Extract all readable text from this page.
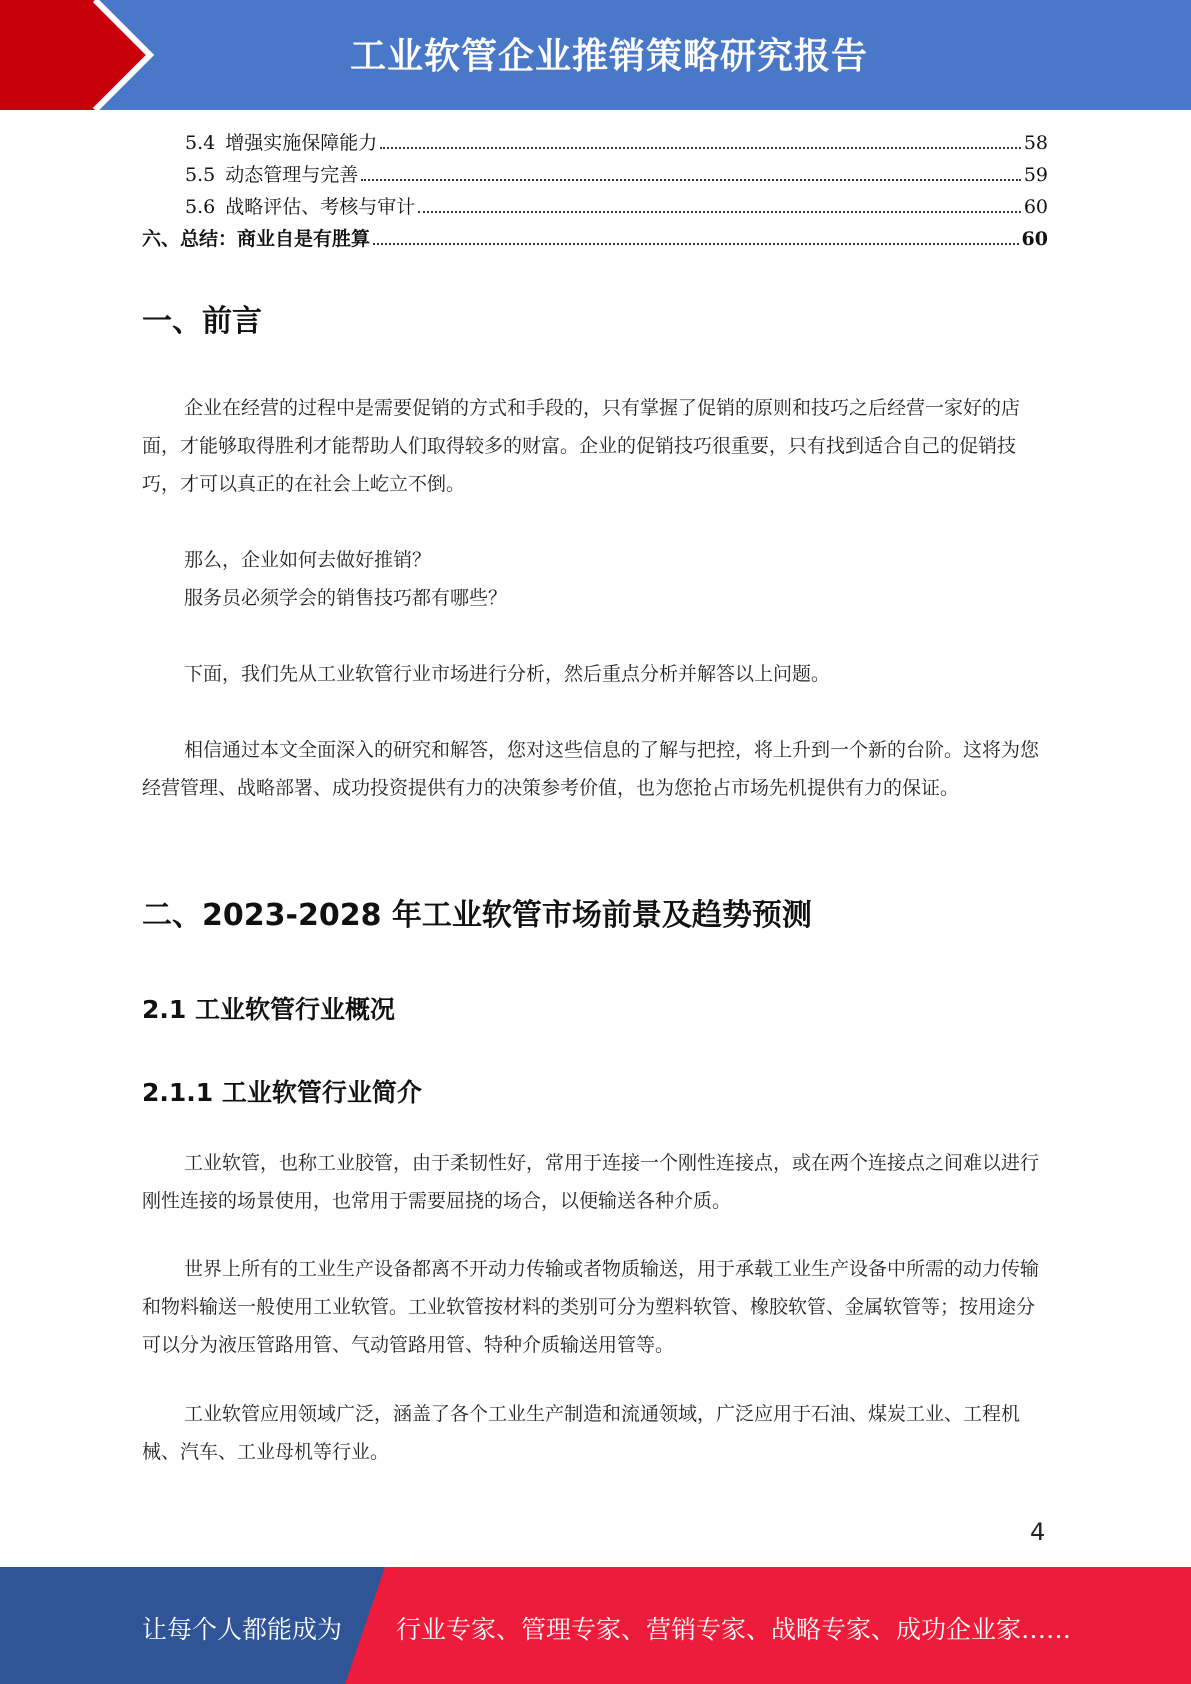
工业软管企业推销策略研究报告
5.4 增强实施保障能力	58
5.5 动态管理与完善	59
5.6 战略评估、考核与审计	60
六、总结：商业自是有胜算	60
一、前言

企业在经营的过程中是需要促销的方式和手段的，只有掌握了促销的原则和技巧之后经营一家好的店面，才能够取得胜利才能帮助人们取得较多的财富。企业的促销技巧很重要，只有找到适合自己的促销技巧，才可以真正的在社会上屹立不倒。

那么，企业如何去做好推销？

服务员必须学会的销售技巧都有哪些？

下面，我们先从工业软管行业市场进行分析，然后重点分析并解答以上问题。

相信通过本文全面深入的研究和解答，您对这些信息的了解与把控，将上升到一个新的台阶。这将为您经营管理、战略部署、成功投资提供有力的决策参考价值，也为您抢占市场先机提供有力的保证。

二、2023-2028 年工业软管市场前景及趋势预测
2.1 工业软管行业概况
2.1.1 工业软管行业简介

工业软管，也称工业胶管，由于柔韧性好，常用于连接一个刚性连接点，或在两个连接点之间难以进行刚性连接的场景使用，也常用于需要屈挠的场合，以便输送各种介质。

世界上所有的工业生产设备都离不开动力传输或者物质输送，用于承载工业生产设备中所需的动力传输和物料输送一般使用工业软管。工业软管按材料的类别可分为塑料软管、橡胶软管、金属软管等；按用途分可以分为液压管路用管、气动管路用管、特种介质输送用管等。

工业软管应用领域广泛，涵盖了各个工业生产制造和流通领域，广泛应用于石油、煤炭工业、工程机械、汽车、工业母机等行业。

4
让每个人都能成为 行业专家、管理专家、营销专家、战略专家、成功企业家……
